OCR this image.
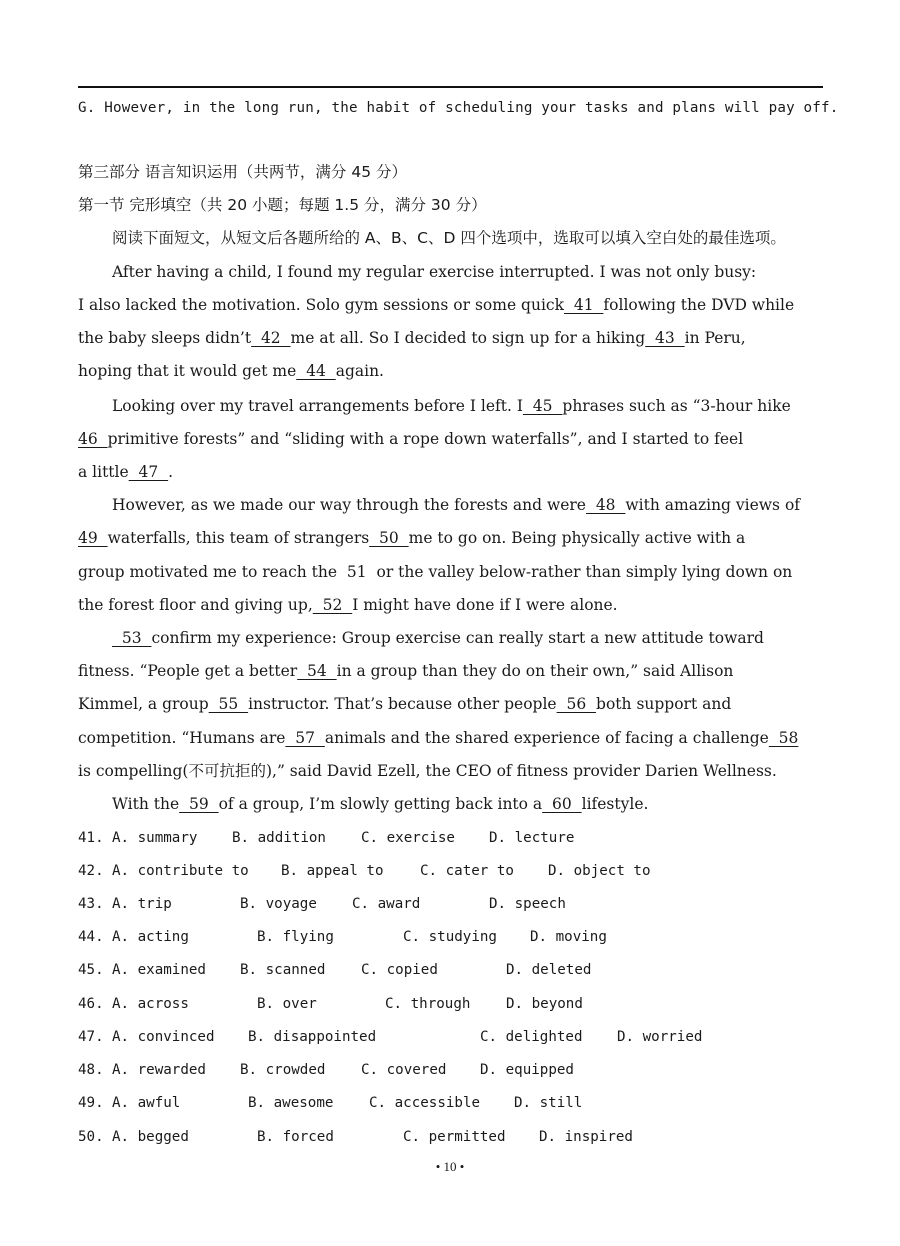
G. However, in the long run, the habit of scheduling your tasks and plans will pay off.
第三部分 语言知识运用（共两节，满分 45 分）
第一节 完形填空（共 20 小题；每题 1.5 分，满分 30 分）
阅读下面短文，从短文后各题所给的 A、B、C、D 四个选项中，选取可以填入空白处的最佳选项。
After having a child, I found my regular exercise interrupted. I was not only busy:
I also lacked the motivation. Solo gym sessions or some quick  41  following the DVD while
the baby sleeps didn’t  42  me at all. So I decided to sign up for a hiking  43  in Peru,
hoping that it would get me  44  again.
Looking over my travel arrangements before I left. I  45  phrases such as “3-hour hike
46  primitive forests” and “sliding with a rope down waterfalls”, and I started to feel
a little  47  .
However, as we made our way through the forests and were  48  with amazing views of
49  waterfalls, this team of strangers  50  me to go on. Being physically active with a
group motivated me to reach the  51  or the valley below-rather than simply lying down on
the forest floor and giving up,  52  I might have done if I were alone.
53  confirm my experience: Group exercise can really start a new attitude toward
fitness. “People get a better  54  in a group than they do on their own,” said Allison
Kimmel, a group  55  instructor. That’s because other people  56  both support and
competition. “Humans are  57  animals and the shared experience of facing a challenge  58
is compelling(不可抗拒的),” said David Ezell, the CEO of fitness provider Darien Wellness.
With the  59  of a group, I’m slowly getting back into a  60  lifestyle.
41. A. summary B. addition C. exercise D. lecture
42. A. contribute to B. appeal to	C. cater to D. object to
43. A. trip	B. voyage C. award	D. speech
44. A. acting	B. flying	C. studying D. moving
45. A. examined B. scanned	C. copied	D. deleted
46. A. across	B. over	C. through	D. beyond
47. A. convinced B. disappointed	C. delighted D. worried
48. A. rewarded B. crowded	C. covered D. equipped
49. A. awful	B. awesome	C. accessible D. still
50. A. begged	B. forced	C. permitted D. inspired
• 10 •
